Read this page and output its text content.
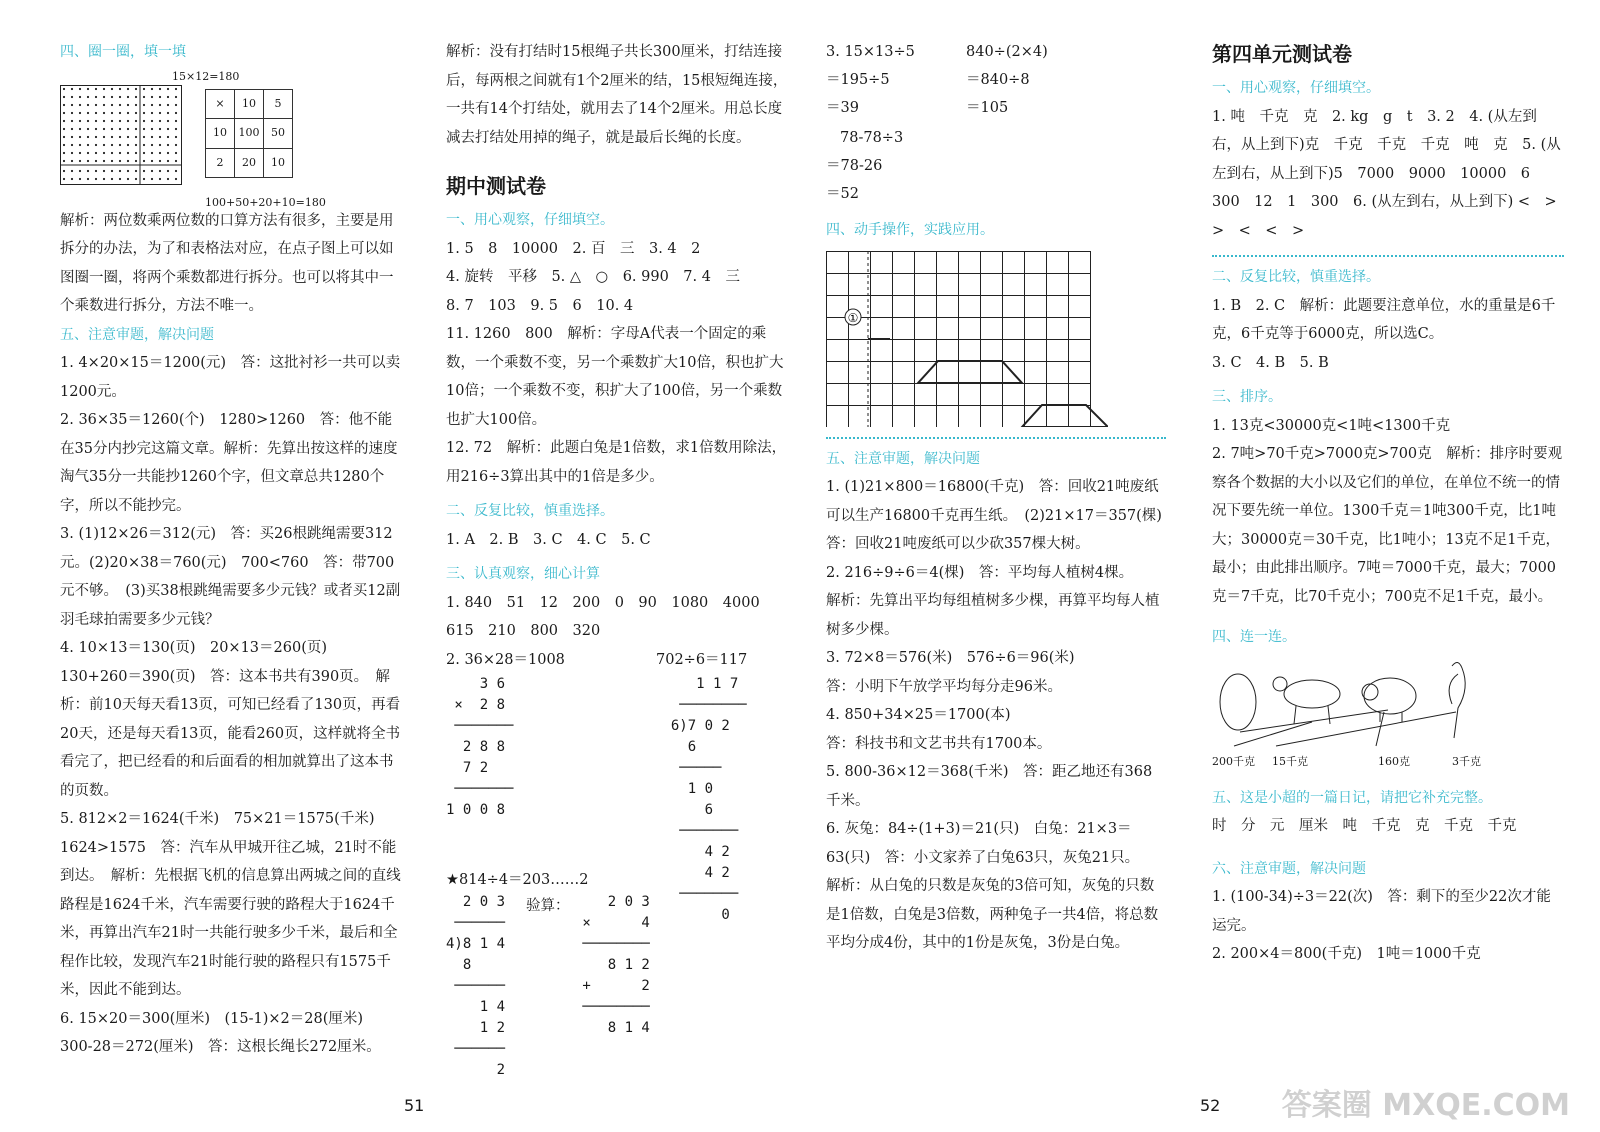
四、圈一圈，填一填
15×12=180
×	10	5
10	100	50
2	20	10
100+50+20+10=180

解析：两位数乘两位数的口算方法有很多，主要是用拆分的办法，为了和表格法对应，在点子图上可以如图圈一圈，将两个乘数都进行拆分。也可以将其中一个乘数进行拆分，方法不唯一。

五、注意审题，解决问题

1. 4×20×15＝1200(元)　答：这批衬衫一共可以卖1200元。

2. 36×35＝1260(个)　1280>1260　答：他不能在35分内抄完这篇文章。解析：先算出按这样的速度淘气35分一共能抄1260个字，但文章总共1280个字，所以不能抄完。

3. (1)12×26＝312(元)　答：买26根跳绳需要312元。(2)20×38＝760(元)　700<760　答：带700元不够。　(3)买38根跳绳需要多少元钱？或者买12副羽毛球拍需要多少元钱？

4. 10×13＝130(页)　20×13＝260(页)　130+260＝390(页)　答：这本书共有390页。　解析：前10天每天看13页，可知已经看了130页，再看20天，还是每天看13页，能看260页，这样就将全书看完了，把已经看的和后面看的相加就算出了这本书的页数。

5. 812×2＝1624(千米)　75×21＝1575(千米)　1624>1575　答：汽车从甲城开往乙城，21时不能到达。　解析：先根据飞机的信息算出两城之间的直线路程是1624千米，汽车需要行驶的路程大于1624千米，再算出汽车21时一共能行驶多少千米，最后和全程作比较，发现汽车21时能行驶的路程只有1575千米，因此不能到达。

6. 15×20＝300(厘米)　(15-1)×2＝28(厘米)　300-28＝272(厘米)　答：这根长绳长272厘米。

解析：没有打结时15根绳子共长300厘米，打结连接后，每两根之间就有1个2厘米的结，15根短绳连接，一共有14个打结处，就用去了14个2厘米。用总长度减去打结处用掉的绳子，就是最后长绳的长度。

期中测试卷
一、用心观察，仔细填空。

1. 5　8　10000　2. 百　三　3. 4　2

4. 旋转　平移　5. △　○　6. 990　7. 4　三

8. 7　103　9. 5　6　10. 4

11. 1260　800　解析：字母A代表一个固定的乘数，一个乘数不变，另一个乘数扩大10倍，积也扩大10倍；一个乘数不变，积扩大了100倍，另一个乘数也扩大100倍。

12. 72　解析：此题白兔是1倍数，求1倍数用除法，用216÷3算出其中的1倍是多少。

二、反复比较，慎重选择。

1. A　2. B　3. C　4. C　5. C

三、认真观察，细心计算

1. 840　51　12　200　0　90　1080　4000

615　210　800　320

2. 36×28＝1008	702÷6＝117
3 6
×  2 8
───────
2 8 8
7 2
───────
1 0 0 8
1 1 7
────────
6)7 0 2
6
─────
1 0
6
───────
4 2
4 2
───────
0
★814÷4＝203……2
验算：
2 0 3
──────
4)8 1 4
8
──────
1 4
1 2
──────
2
2 0 3
×      4
────────
8 1 2
+      2
────────
8 1 4
3. 15×13÷5	840÷(2×4)
＝195÷5	＝840÷8
＝39	＝105
78-78÷3
＝78-26
＝52
四、动手操作，实践应用。
①
五、注意审题，解决问题

1. (1)21×800＝16800(千克)　答：回收21吨废纸可以生产16800千克再生纸。　(2)21×17＝357(棵)　答：回收21吨废纸可以少砍357棵大树。

2. 216÷9÷6＝4(棵)　答：平均每人植树4棵。

解析：先算出平均每组植树多少棵，再算平均每人植树多少棵。

3. 72×8＝576(米)　576÷6＝96(米)

答：小明下午放学平均每分走96米。

4. 850+34×25＝1700(本)

答：科技书和文艺书共有1700本。

5. 800-36×12＝368(千米)　答：距乙地还有368千米。

6. 灰兔：84÷(1+3)＝21(只)　白兔：21×3＝63(只)　答：小文家养了白兔63只，灰兔21只。

解析：从白兔的只数是灰兔的3倍可知，灰兔的只数是1倍数，白兔是3倍数，两种兔子一共4倍，将总数平均分成4份，其中的1份是灰兔，3份是白兔。

第四单元测试卷
一、用心观察，仔细填空。

1. 吨　千克　克　2. kg　g　t　3. 2　4. (从左到右，从上到下)克　千克　千克　千克　吨　克　5. (从左到右，从上到下)5　7000　9000　10000　6　300　12　1　300　6. (从左到右，从上到下) <　>　>　<　<　>

二、反复比较，慎重选择。

1. B　2. C　解析：此题要注意单位，水的重量是6千克，6千克等于6000克，所以选C。

3. C　4. B　5. B

三、排序。

1. 13克<30000克<1吨<1300千克

2. 7吨>70千克>7000克>700克　解析：排序时要观察各个数据的大小以及它们的单位，在单位不统一的情况下要先统一单位。1300千克＝1吨300千克，比1吨大；30000克＝30千克，比1吨小；13克不足1千克，最小；由此排出顺序。7吨＝7000千克，最大；7000克＝7千克，比70千克小；700克不足1千克，最小。

四、连一连。
200千克 15千克	160克	3千克
五、这是小超的一篇日记，请把它补充完整。

时　分　元　厘米　吨　千克　克　千克　千克

六、注意审题，解决问题

1. (100-34)÷3＝22(次)　答：剩下的至少22次才能运完。

2. 200×4＝800(千克)　1吨＝1000千克

51	52 答案圈 MXQE.COM
